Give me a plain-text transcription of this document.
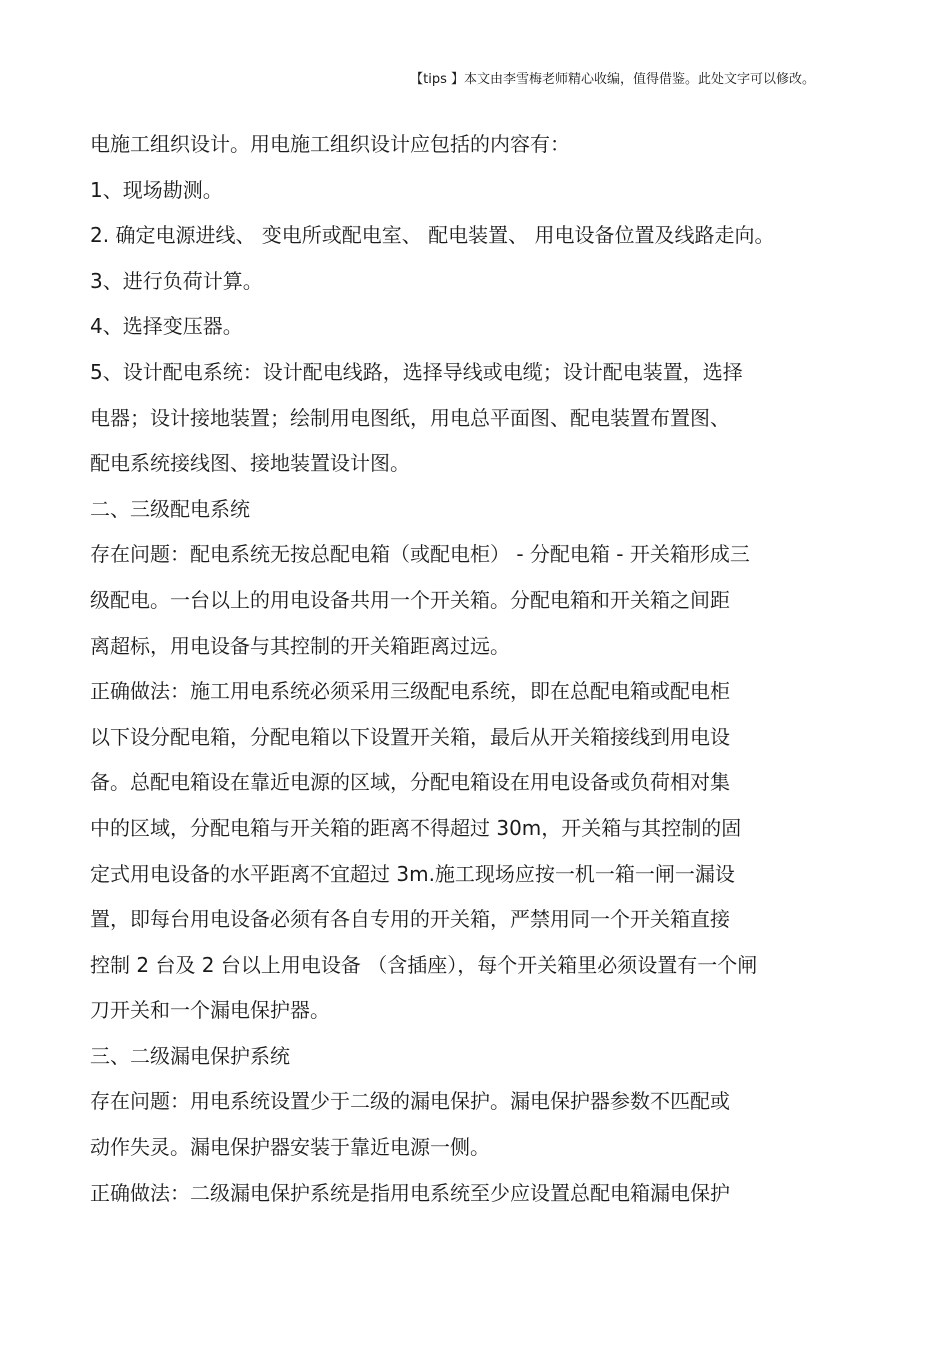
【tips 】本文由李雪梅老师精心收编，值得借鉴。此处文字可以修改。
电施工组织设计。用电施工组织设计应包括的内容有：
1、现场勘测。
2. 确定电源进线、 变电所或配电室、 配电装置、 用电设备位置及线路走向。
3、进行负荷计算。
4、选择变压器。
5、设计配电系统：设计配电线路，选择导线或电缆；设计配电装置，选择
电器；设计接地装置；绘制用电图纸，用电总平面图、配电装置布置图、
配电系统接线图、接地装置设计图。
二、三级配电系统
存在问题：配电系统无按总配电箱（或配电柜） - 分配电箱 - 开关箱形成三
级配电。一台以上的用电设备共用一个开关箱。分配电箱和开关箱之间距
离超标，用电设备与其控制的开关箱距离过远。
正确做法：施工用电系统必须采用三级配电系统，即在总配电箱或配电柜
以下设分配电箱，分配电箱以下设置开关箱，最后从开关箱接线到用电设
备。总配电箱设在靠近电源的区域，分配电箱设在用电设备或负荷相对集
中的区域，分配电箱与开关箱的距离不得超过 30m，开关箱与其控制的固
定式用电设备的水平距离不宜超过 3m.施工现场应按一机一箱一闸一漏设
置，即每台用电设备必须有各自专用的开关箱，严禁用同一个开关箱直接
控制 2 台及 2 台以上用电设备 （含插座），每个开关箱里必须设置有一个闸
刀开关和一个漏电保护器。
三、二级漏电保护系统
存在问题：用电系统设置少于二级的漏电保护。漏电保护器参数不匹配或
动作失灵。漏电保护器安装于靠近电源一侧。
正确做法：二级漏电保护系统是指用电系统至少应设置总配电箱漏电保护
